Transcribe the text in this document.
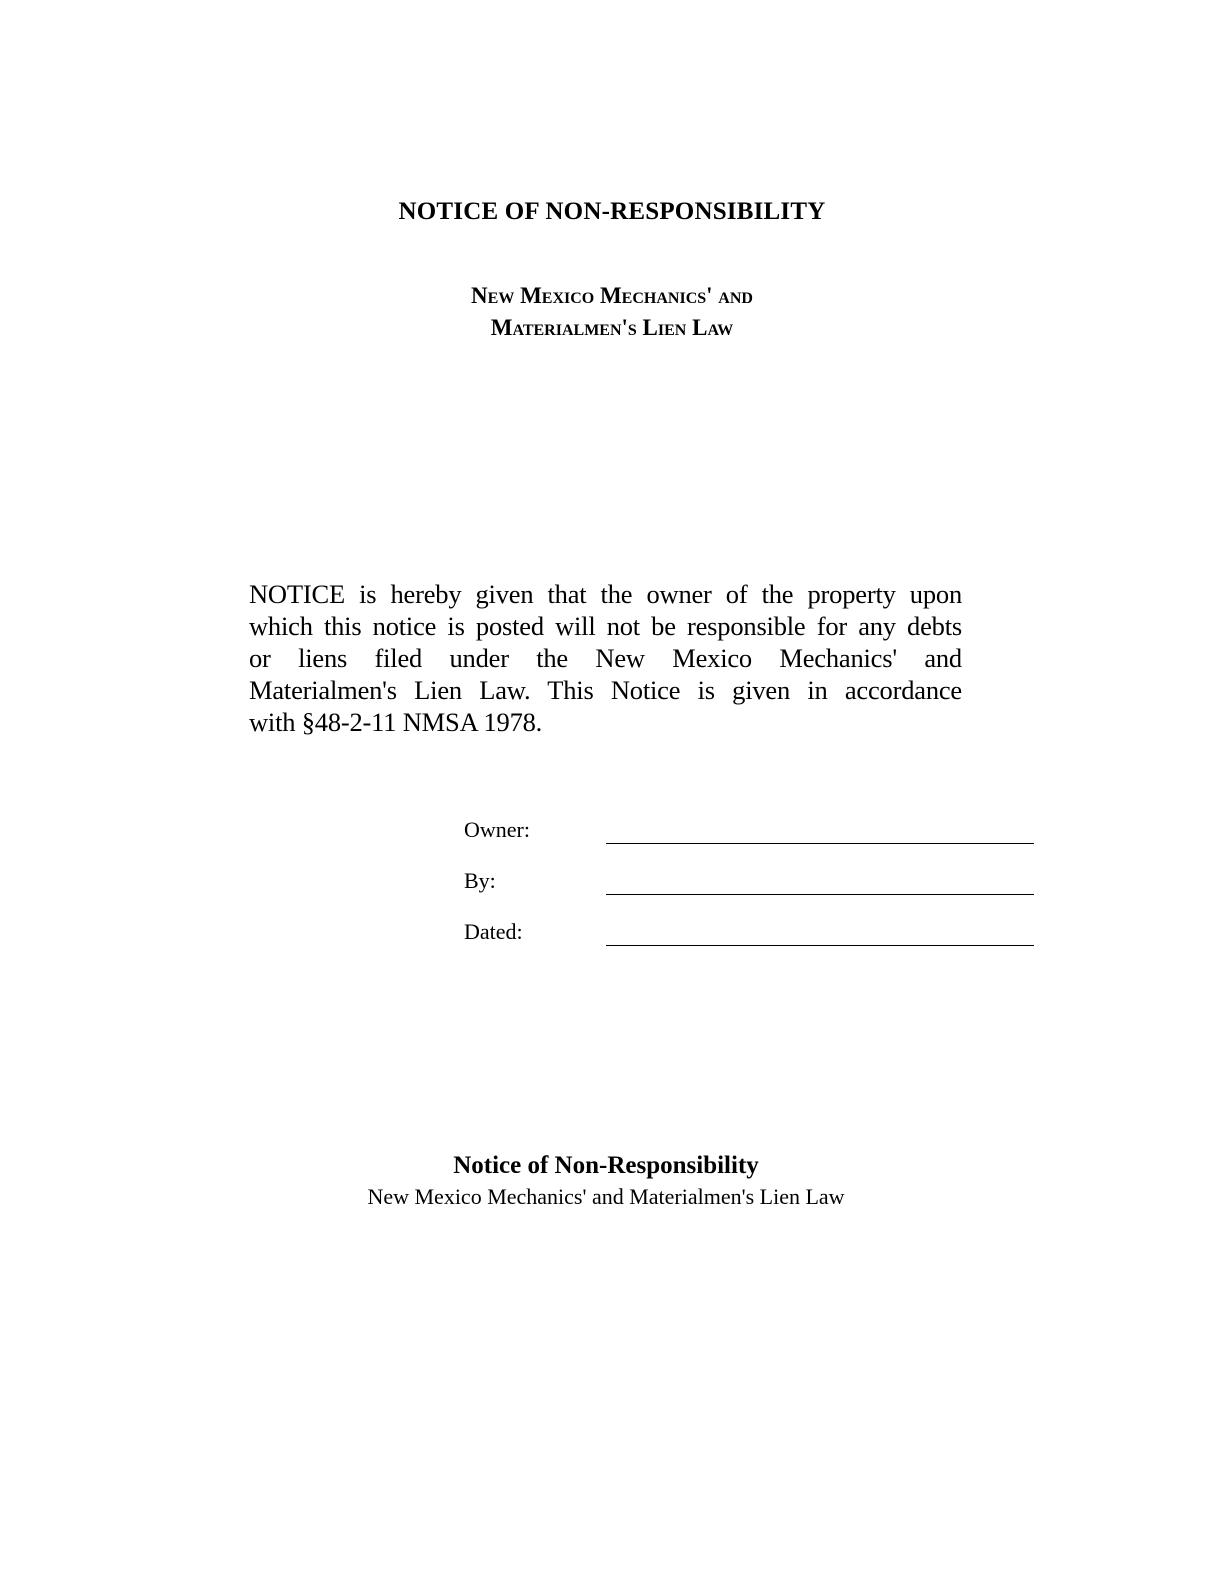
NOTICE OF NON-RESPONSIBILITY
New Mexico Mechanics' and
Materialmen's Lien Law
NOTICE is hereby given that the owner of the property upon
which this notice is posted will not be responsible for any debts
or liens filed under the New Mexico Mechanics' and
Materialmen's Lien Law. This Notice is given in accordance
with §48-2-11 NMSA 1978.
Owner:
By:
Dated:
Notice of Non-Responsibility
New Mexico Mechanics' and Materialmen's Lien Law
